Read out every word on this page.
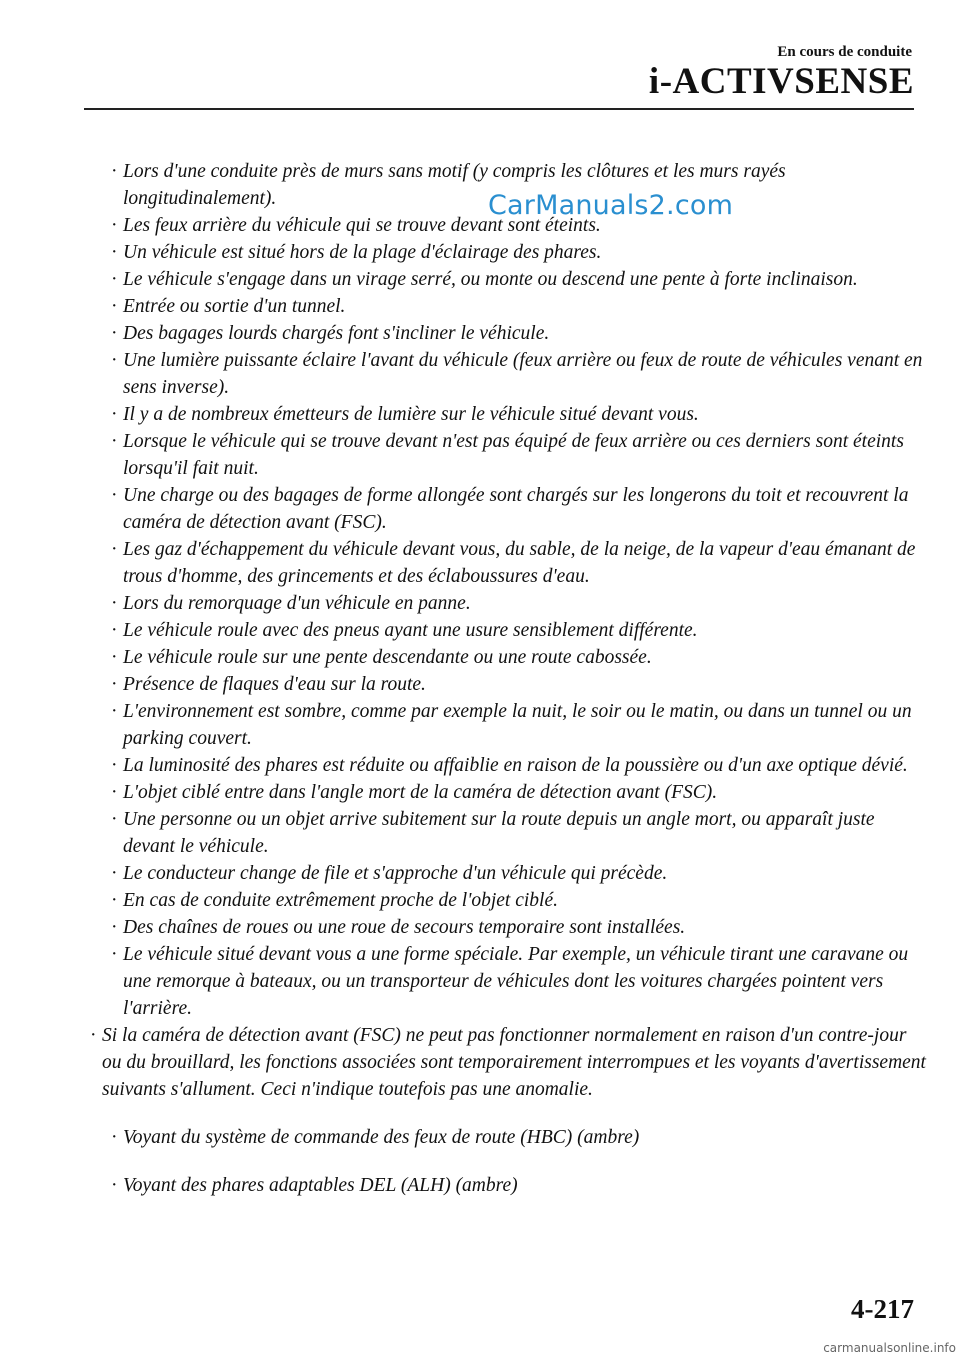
En cours de conduite
i-ACTIVSENSE
CarManuals2.com
· Lors d'une conduite près de murs sans motif (y compris les clôtures et les murs rayés longitudinalement).
· Les feux arrière du véhicule qui se trouve devant sont éteints.
· Un véhicule est situé hors de la plage d'éclairage des phares.
· Le véhicule s'engage dans un virage serré, ou monte ou descend une pente à forte inclinaison.
· Entrée ou sortie d'un tunnel.
· Des bagages lourds chargés font s'incliner le véhicule.
· Une lumière puissante éclaire l'avant du véhicule (feux arrière ou feux de route de véhicules venant en sens inverse).
· Il y a de nombreux émetteurs de lumière sur le véhicule situé devant vous.
· Lorsque le véhicule qui se trouve devant n'est pas équipé de feux arrière ou ces derniers sont éteints lorsqu'il fait nuit.
· Une charge ou des bagages de forme allongée sont chargés sur les longerons du toit et recouvrent la caméra de détection avant (FSC).
· Les gaz d'échappement du véhicule devant vous, du sable, de la neige, de la vapeur d'eau émanant de trous d'homme, des grincements et des éclaboussures d'eau.
· Lors du remorquage d'un véhicule en panne.
· Le véhicule roule avec des pneus ayant une usure sensiblement différente.
· Le véhicule roule sur une pente descendante ou une route cabossée.
· Présence de flaques d'eau sur la route.
· L'environnement est sombre, comme par exemple la nuit, le soir ou le matin, ou dans un tunnel ou un parking couvert.
· La luminosité des phares est réduite ou affaiblie en raison de la poussière ou d'un axe optique dévié.
· L'objet ciblé entre dans l'angle mort de la caméra de détection avant (FSC).
· Une personne ou un objet arrive subitement sur la route depuis un angle mort, ou apparaît juste devant le véhicule.
· Le conducteur change de file et s'approche d'un véhicule qui précède.
· En cas de conduite extrêmement proche de l'objet ciblé.
· Des chaînes de roues ou une roue de secours temporaire sont installées.
· Le véhicule situé devant vous a une forme spéciale. Par exemple, un véhicule tirant une caravane ou une remorque à bateaux, ou un transporteur de véhicules dont les voitures chargées pointent vers l'arrière.
· Si la caméra de détection avant (FSC) ne peut pas fonctionner normalement en raison d'un contre-jour ou du brouillard, les fonctions associées sont temporairement interrompues et les voyants d'avertissement suivants s'allument. Ceci n'indique toutefois pas une anomalie.
· Voyant du système de commande des feux de route (HBC) (ambre)
· Voyant des phares adaptables DEL (ALH) (ambre)
4-217
carmanualsonline.info
